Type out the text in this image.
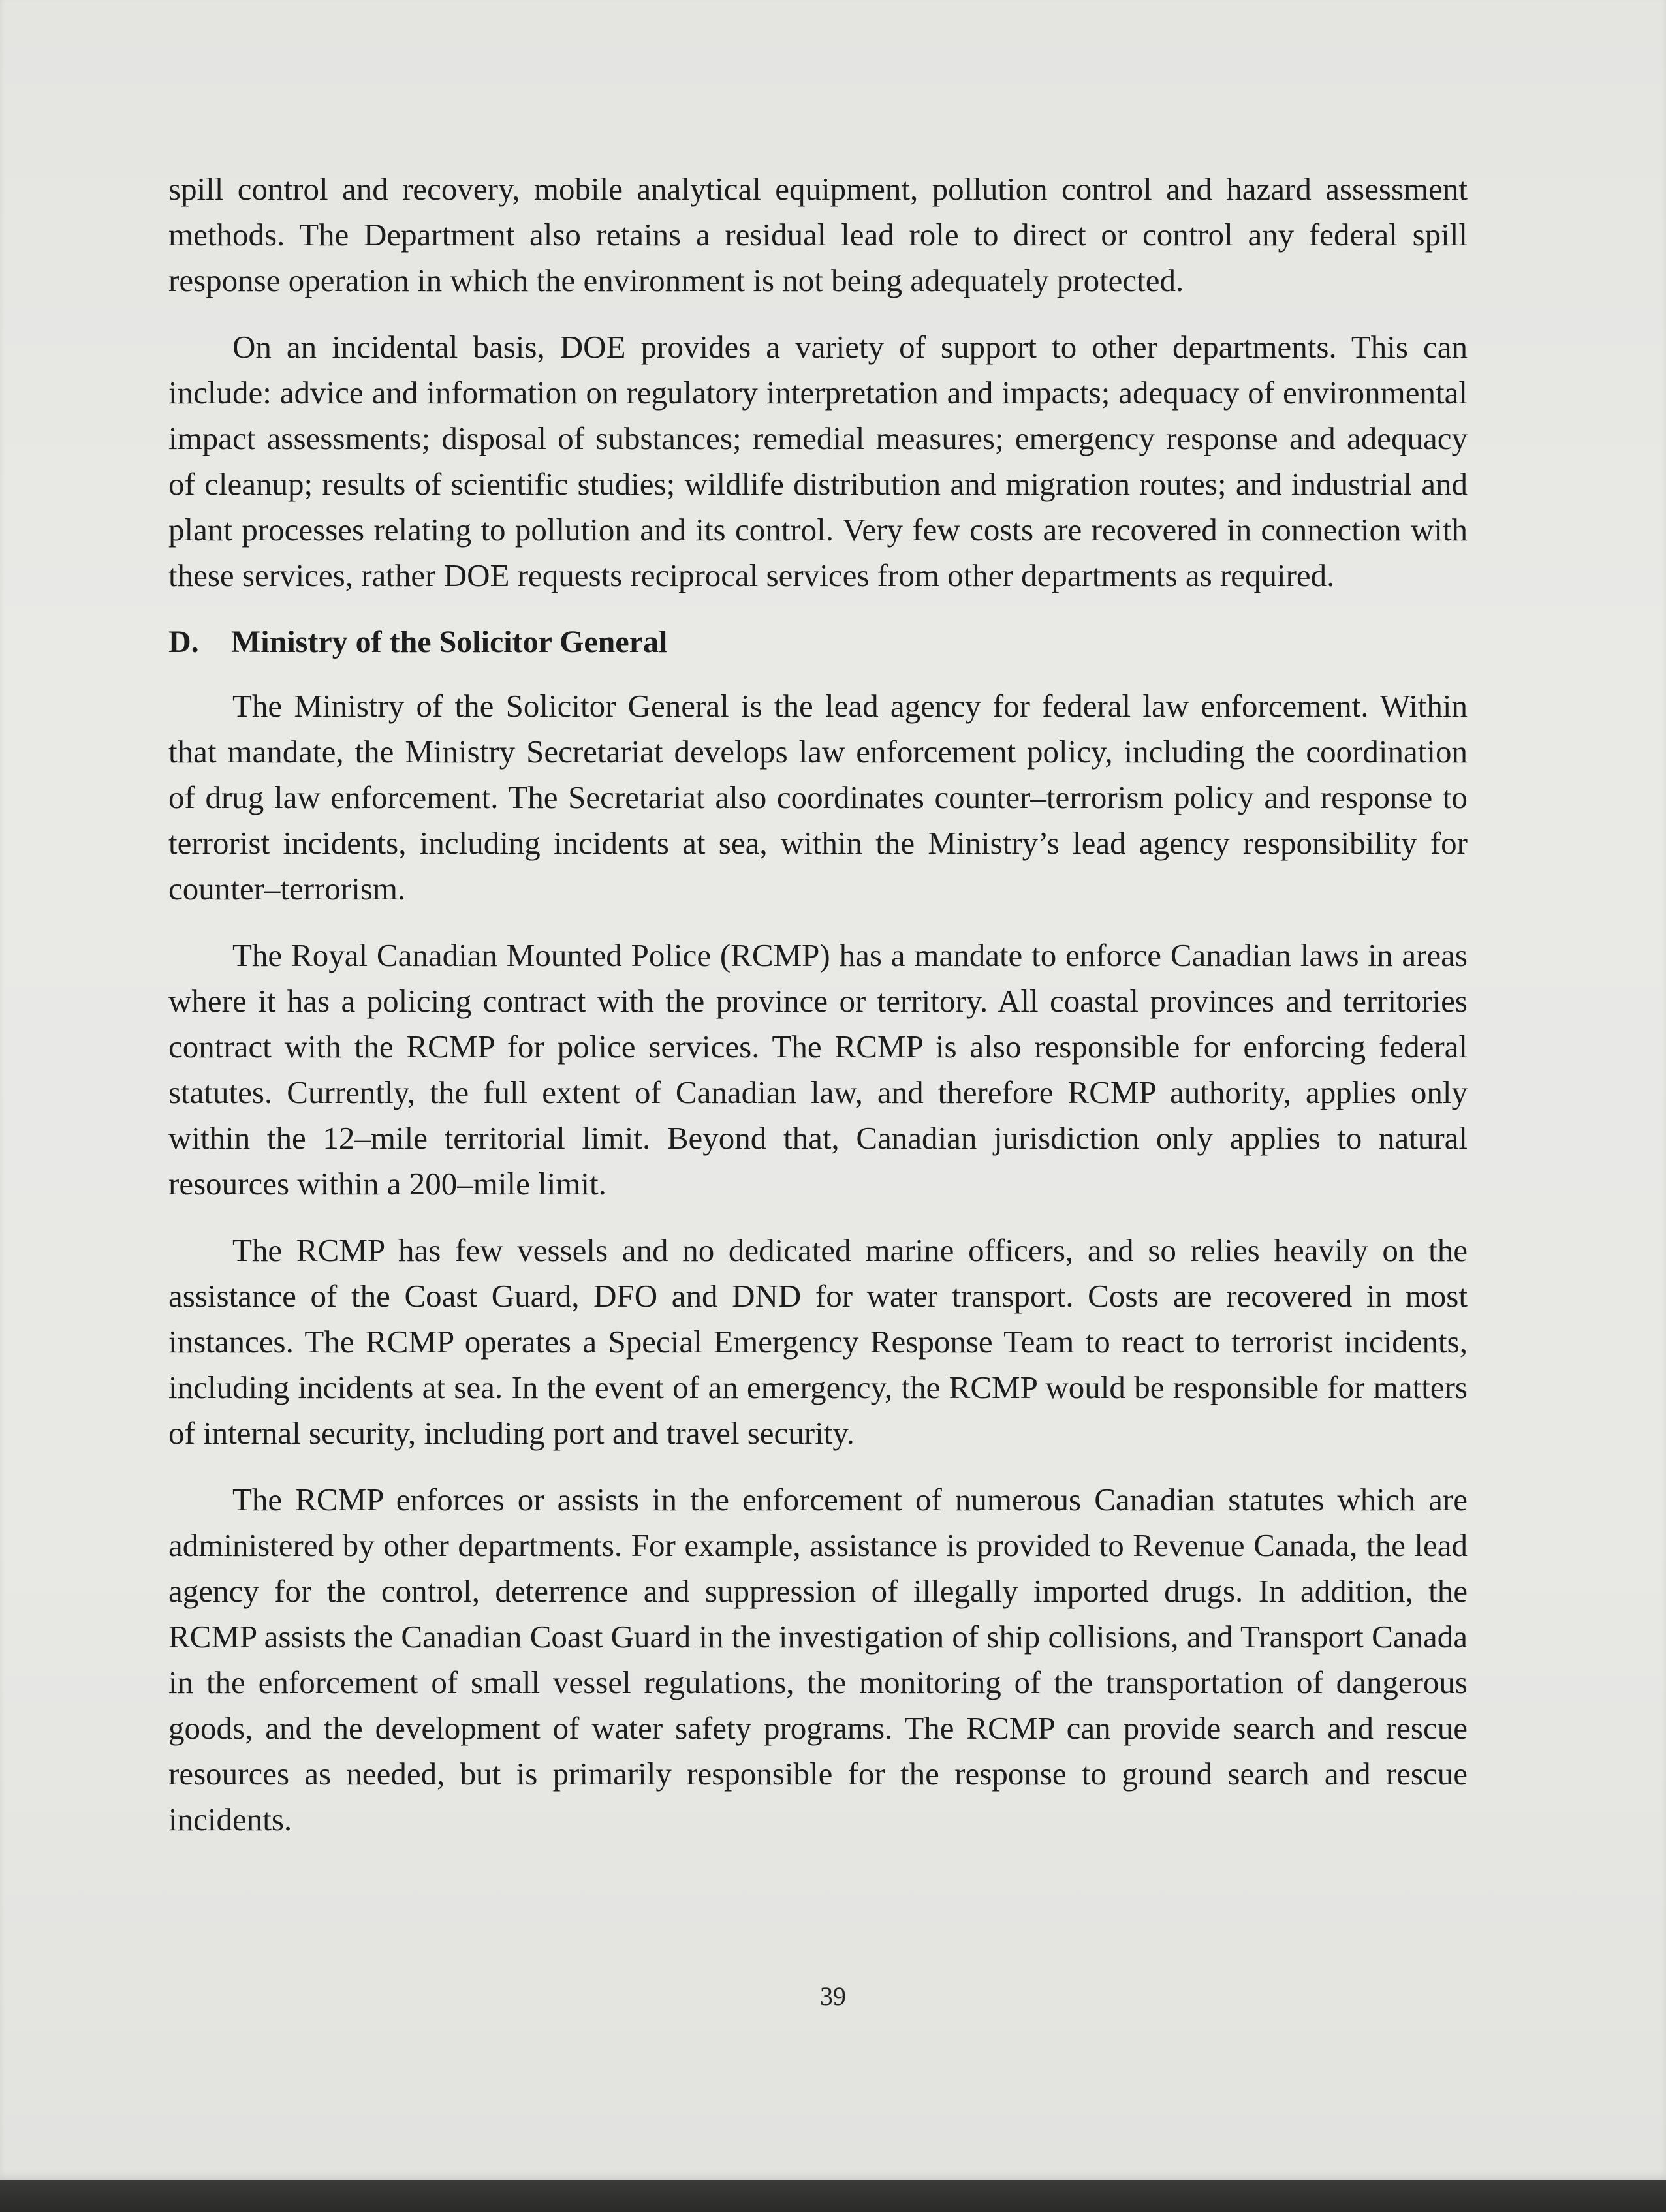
spill control and recovery, mobile analytical equipment, pollution control and hazard assessment methods. The Department also retains a residual lead role to direct or control any federal spill response operation in which the environment is not being adequately protected.

On an incidental basis, DOE provides a variety of support to other departments. This can include: advice and information on regulatory interpretation and impacts; adequacy of environmental impact assessments; disposal of substances; remedial measures; emergency response and adequacy of cleanup; results of scientific studies; wildlife distribution and migration routes; and industrial and plant processes relating to pollution and its control. Very few costs are recovered in connection with these services, rather DOE requests reciprocal services from other departments as required.

D. Ministry of the Solicitor General

The Ministry of the Solicitor General is the lead agency for federal law enforcement. Within that mandate, the Ministry Secretariat develops law enforcement policy, including the coordination of drug law enforcement. The Secretariat also coordinates counter–terrorism policy and response to terrorist incidents, including incidents at sea, within the Ministry’s lead agency responsibility for counter–terrorism.

The Royal Canadian Mounted Police (RCMP) has a mandate to enforce Canadian laws in areas where it has a policing contract with the province or territory. All coastal provinces and territories contract with the RCMP for police services. The RCMP is also responsible for enforcing federal statutes. Currently, the full extent of Canadian law, and therefore RCMP authority, applies only within the 12–mile territorial limit. Beyond that, Canadian jurisdiction only applies to natural resources within a 200–mile limit.

The RCMP has few vessels and no dedicated marine officers, and so relies heavily on the assistance of the Coast Guard, DFO and DND for water transport. Costs are recovered in most instances. The RCMP operates a Special Emergency Response Team to react to terrorist incidents, including incidents at sea. In the event of an emergency, the RCMP would be responsible for matters of internal security, including port and travel security.

The RCMP enforces or assists in the enforcement of numerous Canadian statutes which are administered by other departments. For example, assistance is provided to Revenue Canada, the lead agency for the control, deterrence and suppression of illegally imported drugs. In addition, the RCMP assists the Canadian Coast Guard in the investigation of ship collisions, and Transport Canada in the enforcement of small vessel regulations, the monitoring of the transportation of dangerous goods, and the development of water safety programs. The RCMP can provide search and rescue resources as needed, but is primarily responsible for the response to ground search and rescue incidents.

39
